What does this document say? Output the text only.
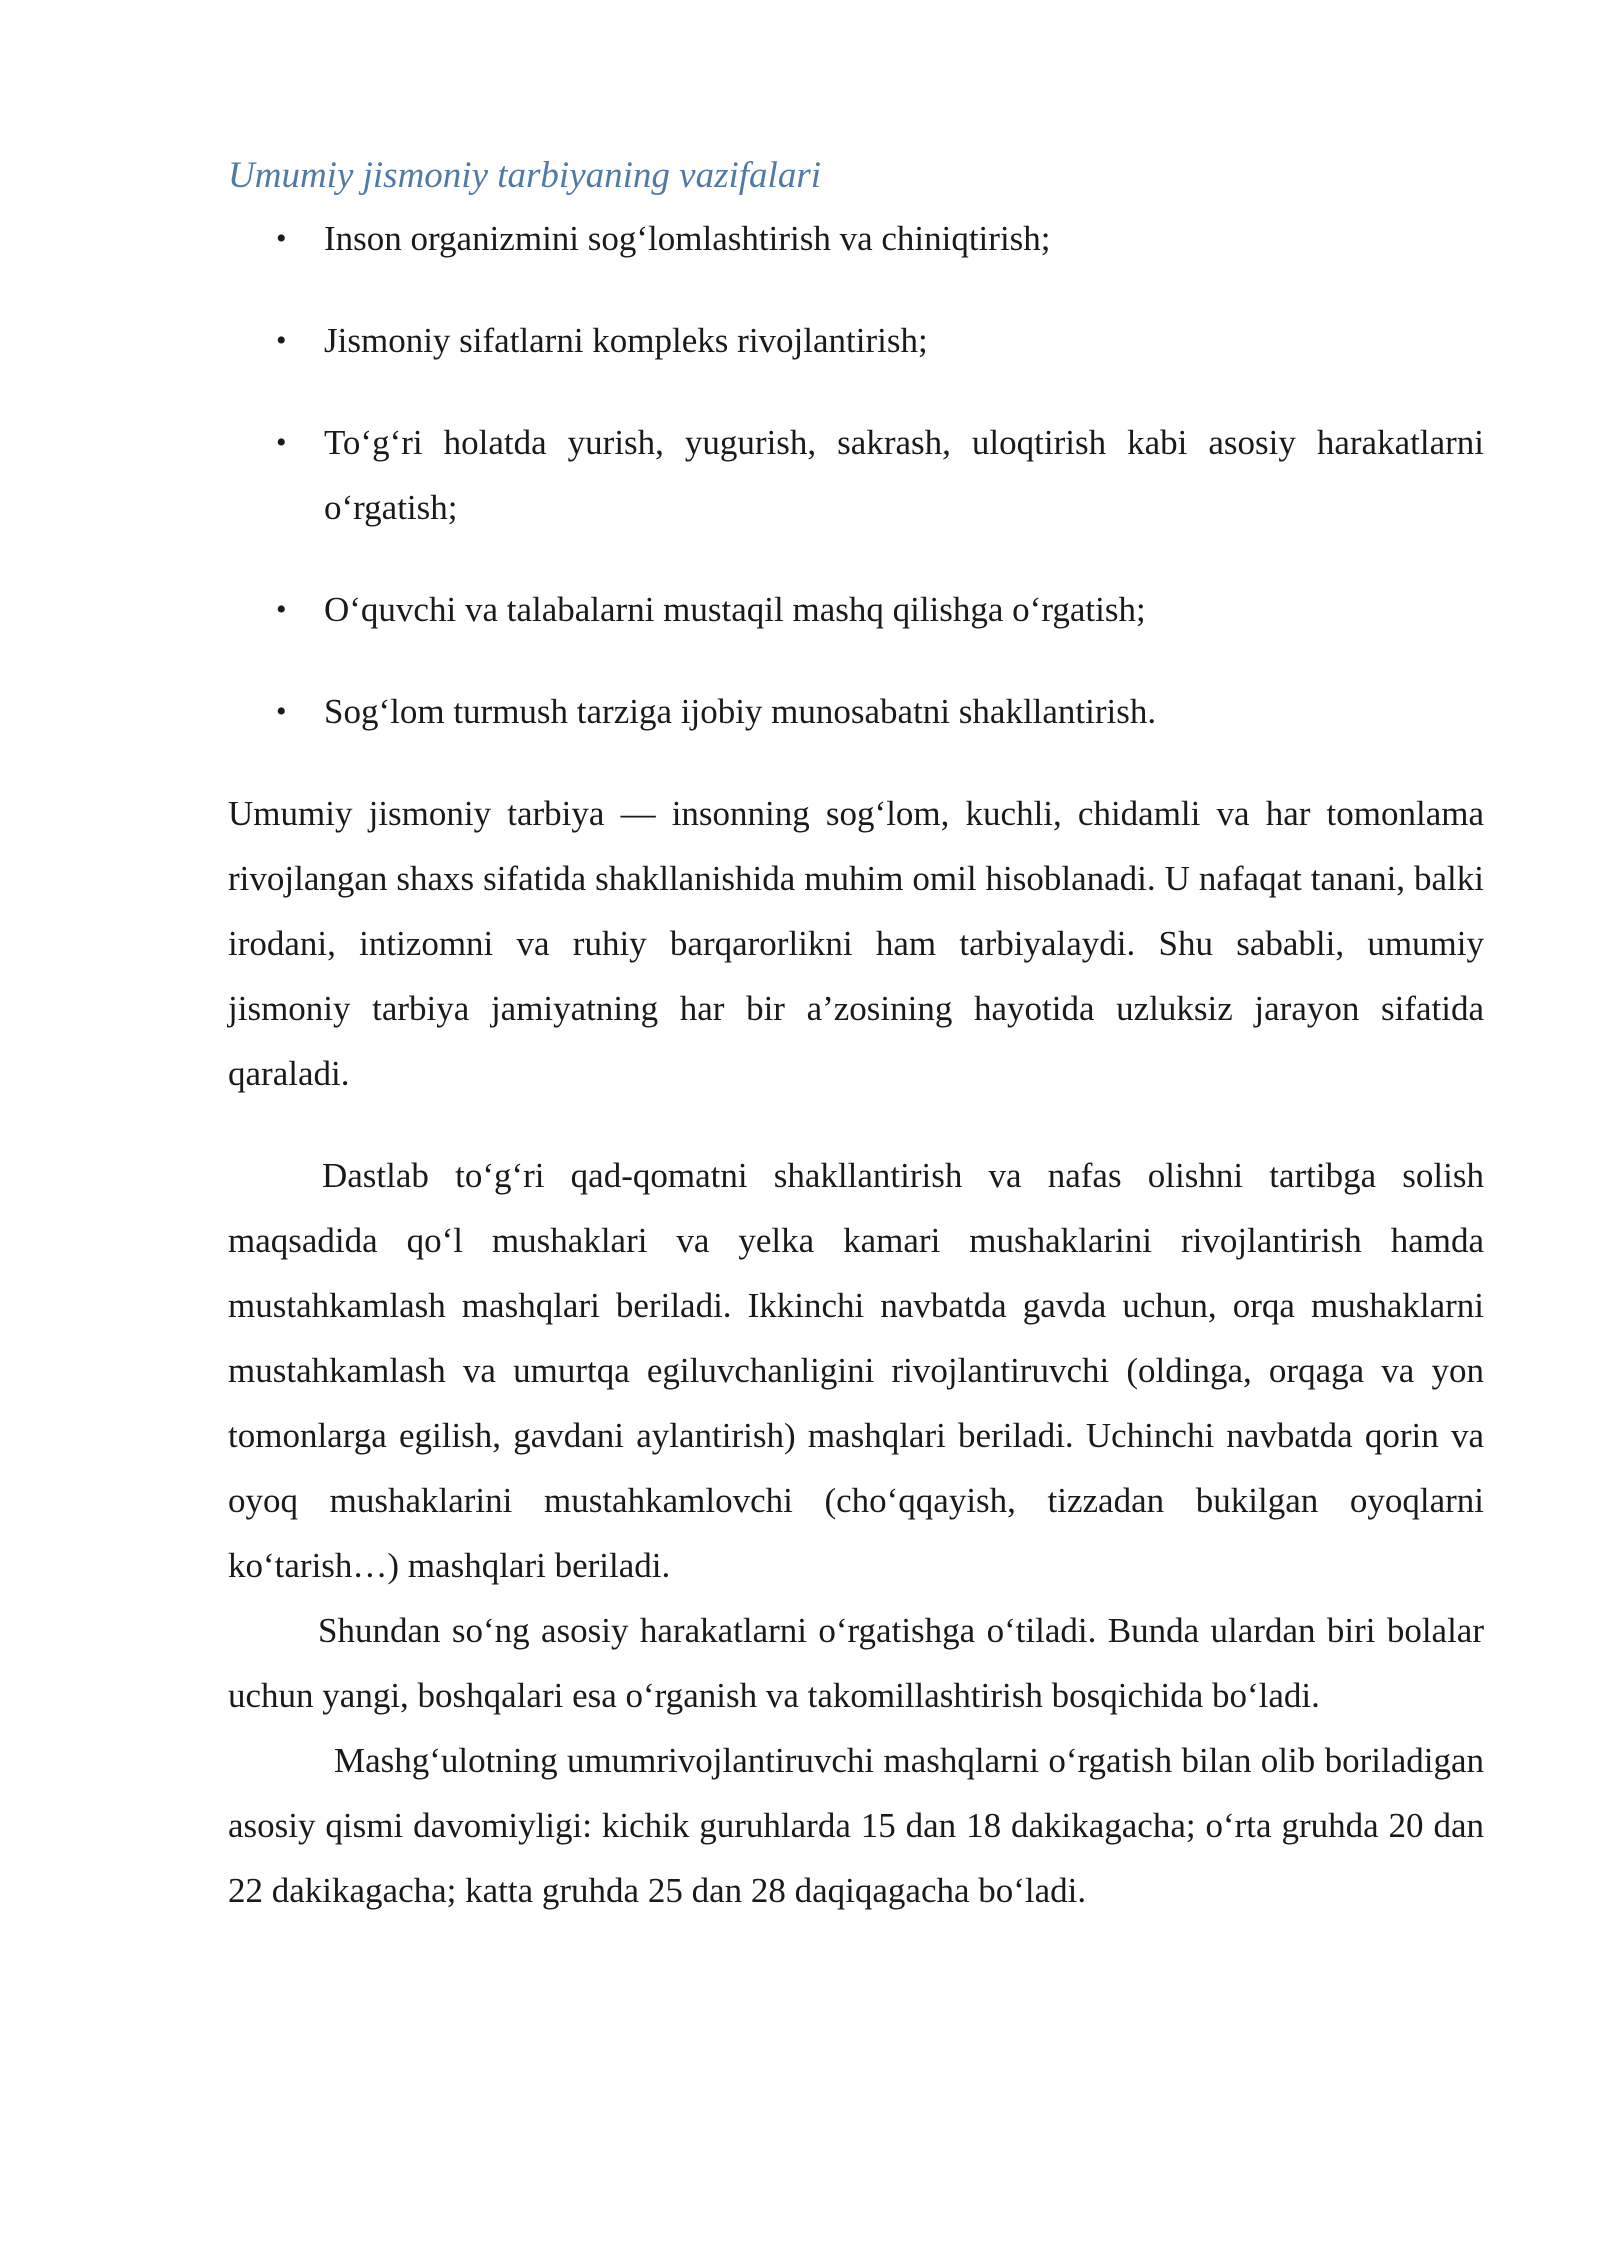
Umumiy jismoniy tarbiyaning vazifalari
• Inson organizmini sog‘lomlashtirish va chiniqtirish;
• Jismoniy sifatlarni kompleks rivojlantirish;
• To‘g‘ri holatda yurish, yugurish, sakrash, uloqtirish kabi asosiy harakatlarni o‘rgatish;
• O‘quvchi va talabalarni mustaqil mashq qilishga o‘rgatish;
• Sog‘lom turmush tarziga ijobiy munosabatni shakllantirish.

Umumiy jismoniy tarbiya — insonning sog‘lom, kuchli, chidamli va har tomonlama rivojlangan shaxs sifatida shakllanishida muhim omil hisoblanadi. U nafaqat tanani, balki irodani, intizomni va ruhiy barqarorlikni ham tarbiyalaydi. Shu sababli, umumiy jismoniy tarbiya jamiyatning har bir a’zosining hayotida uzluksiz jarayon sifatida qaraladi.

Dastlab to‘g‘ri qad-qomatni shakllantirish va nafas olishni tartibga solish maqsadida qo‘l mushaklari va yelka kamari mushaklarini rivojlantirish hamda mustahkamlash mashqlari beriladi. Ikkinchi navbatda gavda uchun, orqa mushaklarni mustahkamlash va umurtqa egiluvchanligini rivojlantiruvchi (oldinga, orqaga va yon tomonlarga egilish, gavdani aylantirish) mashqlari beriladi. Uchinchi navbatda qorin va oyoq mushaklarini mustahkamlovchi (cho‘qqayish, tizzadan bukilgan oyoqlarni ko‘tarish…) mashqlari beriladi.

Shundan so‘ng asosiy harakatlarni o‘rgatishga o‘tiladi. Bunda ulardan biri bolalar uchun yangi, boshqalari esa o‘rganish va takomillashtirish bosqichida bo‘ladi.

Mashg‘ulotning umumrivojlantiruvchi mashqlarni o‘rgatish bilan olib boriladigan asosiy qismi davomiyligi: kichik guruhlarda 15 dan 18 dakikagacha; o‘rta gruhda 20 dan 22 dakikagacha; katta gruhda 25 dan 28 daqiqagacha bo‘ladi.
